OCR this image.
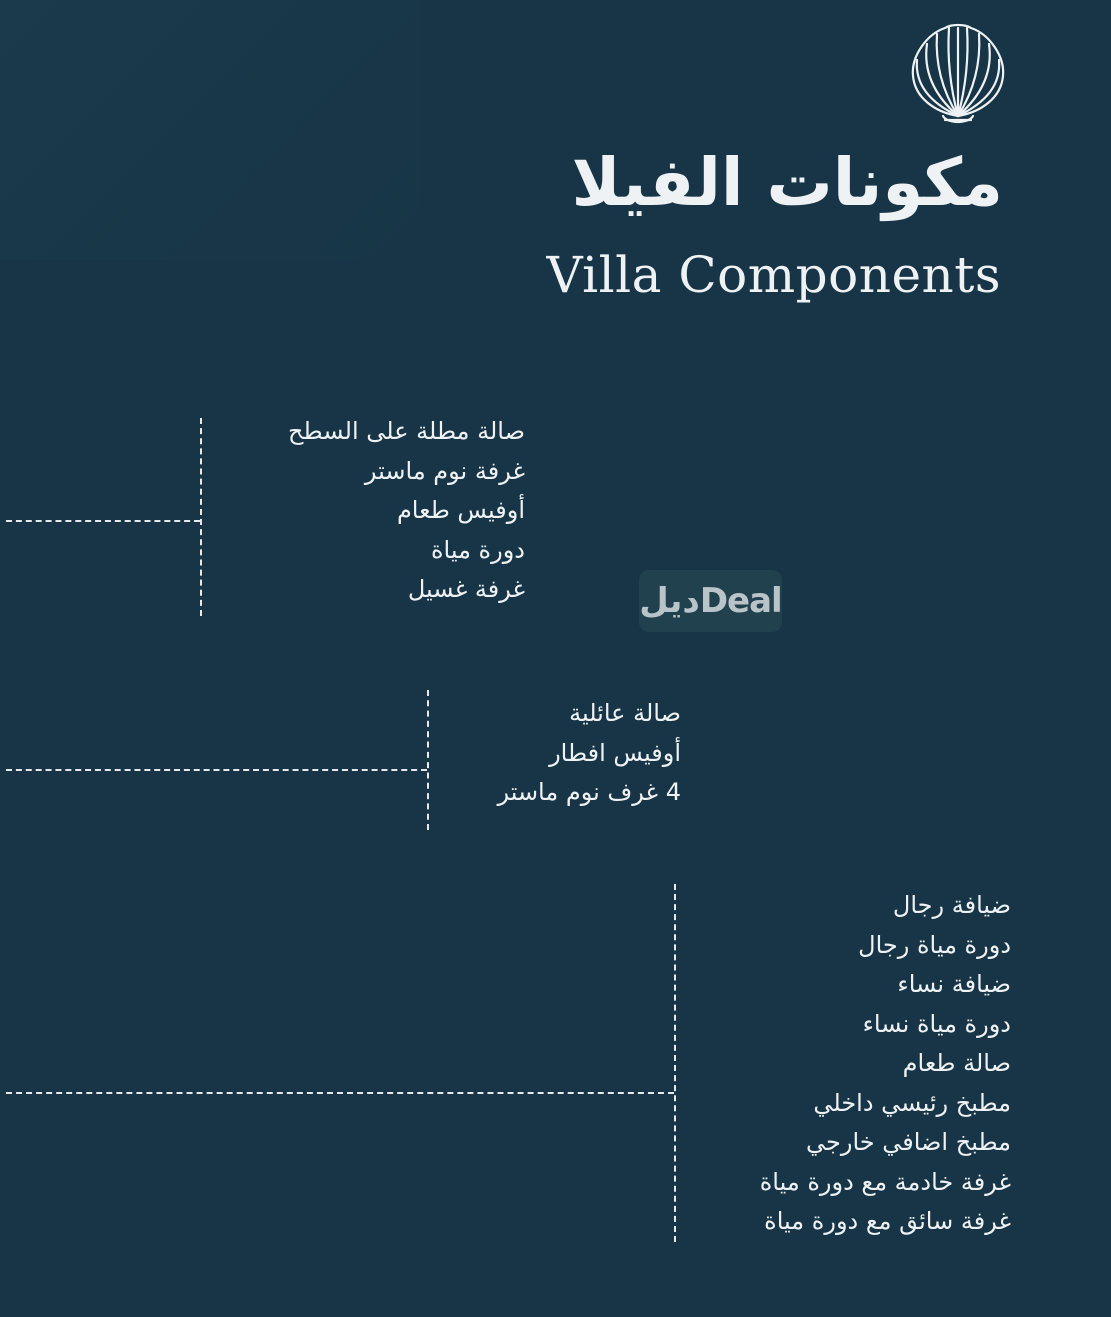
مكونات الفيلا
Villa Components
صالة مطلة على السطح
غرفة نوم ماستر
أوفيس طعام
دورة مياة
غرفة غسيل	ديلDeal
صالة عائلية
أوفيس افطار
4 غرف نوم ماستر
ضيافة رجال
دورة مياة رجال
ضيافة نساء
دورة مياة نساء
صالة طعام
مطبخ رئيسي داخلي
مطبخ اضافي خارجي
غرفة خادمة مع دورة مياة
غرفة سائق مع دورة مياة
